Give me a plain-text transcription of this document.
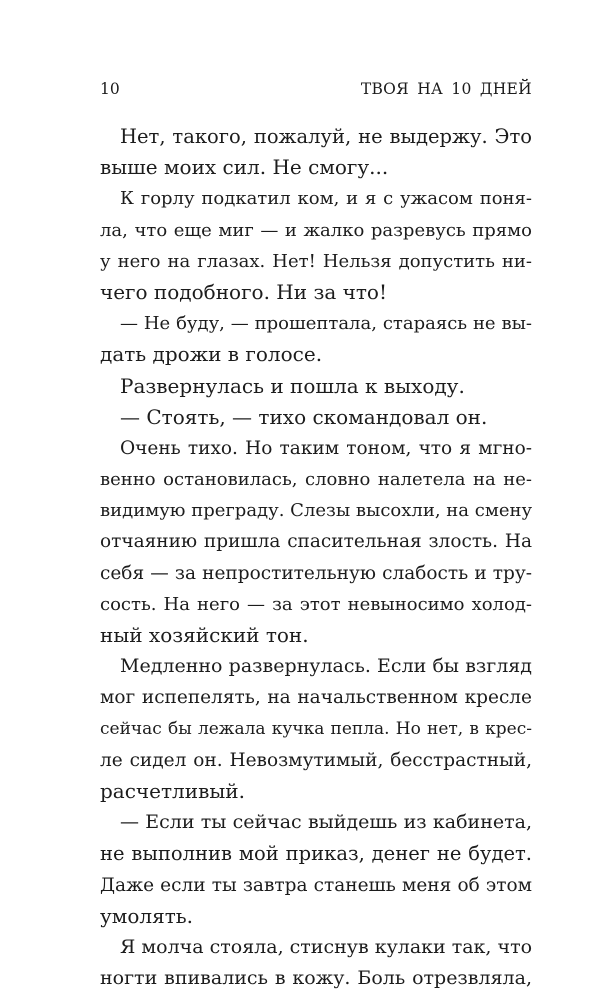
10	ТВОЯ НА 10 ДНЕЙ
Нет, такого, пожалуй, не выдержу. Это
выше моих сил. Не смогу...
К горлу подкатил ком, и я с ужасом поня-
ла, что еще миг — и жалко разревусь прямо
у него на глазах. Нет! Нельзя допустить ни-
чего подобного. Ни за что!
— Не буду, — прошептала, стараясь не вы-
дать дрожи в голосе.
Развернулась и пошла к выходу.
— Стоять, — тихо скомандовал он.
Очень тихо. Но таким тоном, что я мгно-
венно остановилась, словно налетела на не-
видимую преграду. Слезы высохли, на смену
отчаянию пришла спасительная злость. На
себя — за непростительную слабость и тру-
сость. На него — за этот невыносимо холод-
ный хозяйский тон.
Медленно развернулась. Если бы взгляд
мог испепелять, на начальственном кресле
сейчас бы лежала кучка пепла. Но нет, в крес-
ле сидел он. Невозмутимый, бесстрастный,
расчетливый.
— Если ты сейчас выйдешь из кабинета,
не выполнив мой приказ, денег не будет.
Даже если ты завтра станешь меня об этом
умолять.
Я молча стояла, стиснув кулаки так, что
ногти впивались в кожу. Боль отрезвляла,
